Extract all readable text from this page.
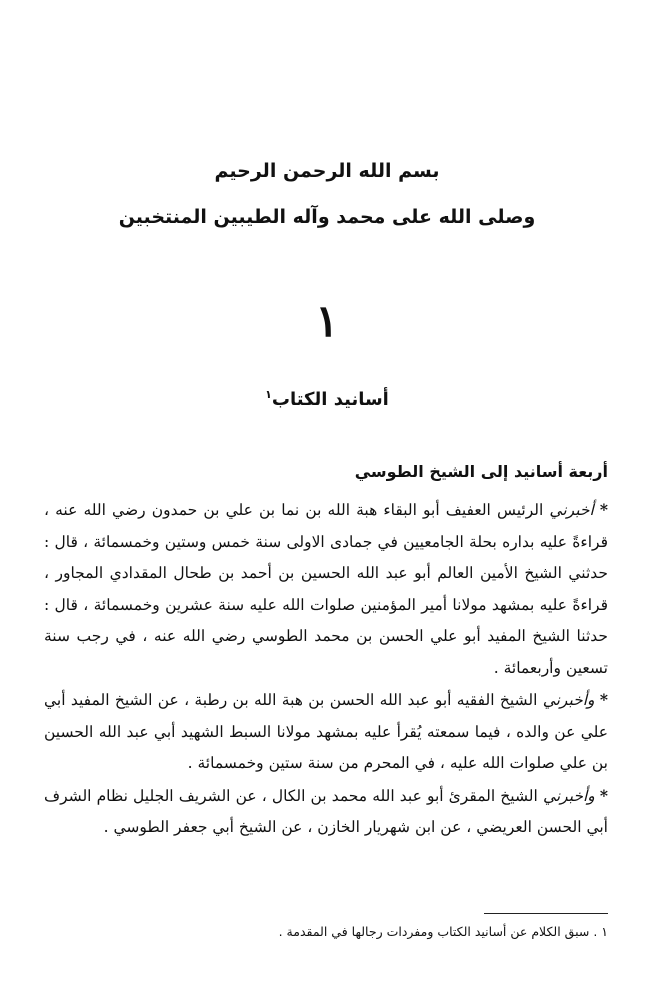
بسم الله الرحمن الرحيم
وصلى الله على محمد وآله الطيبين المنتخبين
١
أسانيد الكتاب$^١$
أربعة أسانيد إلى الشيخ الطوسي

* أخبرني الرئيس العفيف أبو البقاء هبة الله بن نما بن علي بن حمدون رضي الله عنه ، قراءةً عليه بداره بحلة الجامعيين في جمادى الاولى سنة خمس وستين وخمسمائة ، قال : حدثني الشيخ الأمين العالم أبو عبد الله الحسين بن أحمد بن طحال المقدادي المجاور ، قراءةً عليه بمشهد مولانا أمير المؤمنين صلوات الله عليه سنة عشرين وخمسمائة ، قال : حدثنا الشيخ المفيد أبو علي الحسن بن محمد الطوسي رضي الله عنه ، في رجب سنة تسعين وأربعمائة .

* وأخبرني الشيخ الفقيه أبو عبد الله الحسن بن هبة الله بن رطبة ، عن الشيخ المفيد أبي علي عن والده ، فيما سمعته يُقرأ عليه بمشهد مولانا السبط الشهيد أبي عبد الله الحسين بن علي صلوات الله عليه ، في المحرم من سنة ستين وخمسمائة .

* وأخبرني الشيخ المقرئ أبو عبد الله محمد بن الكال ، عن الشريف الجليل نظام الشرف أبي الحسن العريضي ، عن ابن شهريار الخازن ، عن الشيخ أبي جعفر الطوسي .

١ . سبق الكلام عن أسانيد الكتاب ومفردات رجالها في المقدمة .
